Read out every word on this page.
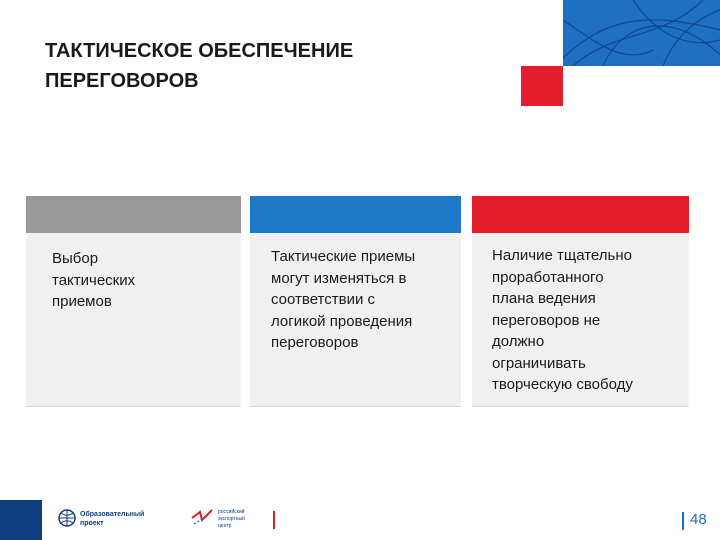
ТАКТИЧЕСКОЕ ОБЕСПЕЧЕНИЕ
ПЕРЕГОВОРОВ
Выбор
тактических
приемов
Тактические приемы
могут изменяться в
соответствии с
логикой проведения
переговоров
Наличие тщательно
проработанного
плана ведения
переговоров не
должно
ограничивать
творческую свободу
Образовательный
проект
российский
экспортный
центр	48
